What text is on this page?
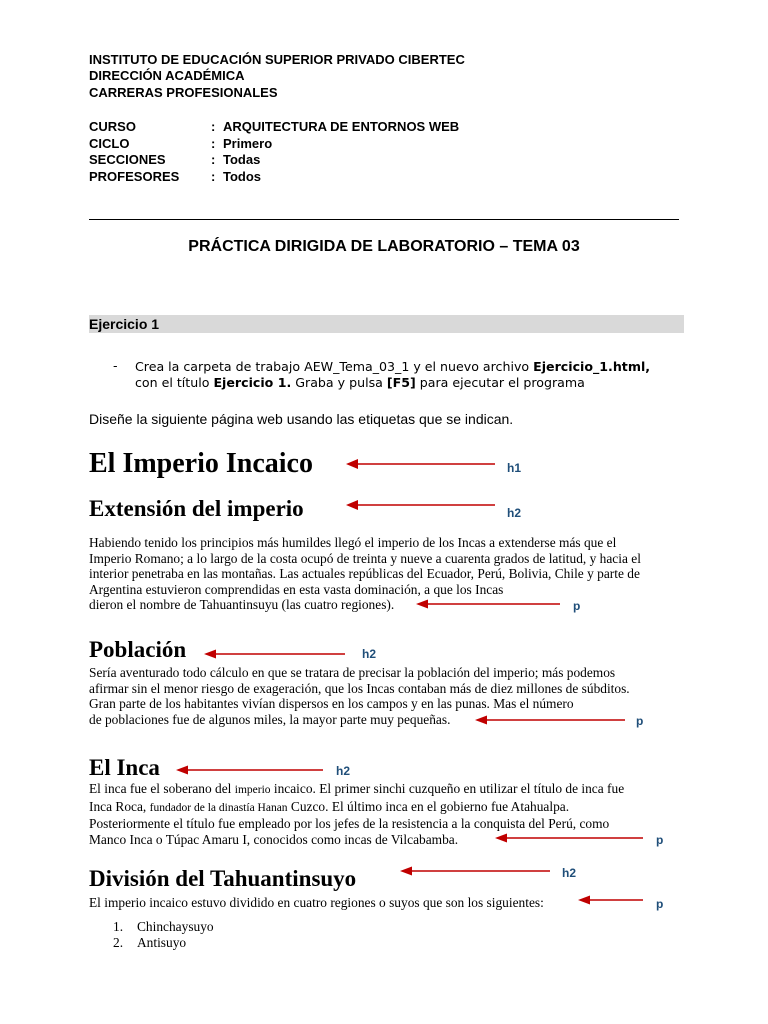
INSTITUTO DE EDUCACIÓN SUPERIOR PRIVADO CIBERTEC
DIRECCIÓN ACADÉMICA
CARRERAS PROFESIONALES
CURSO	: ARQUITECTURA DE ENTORNOS WEB
CICLO	: Primero
SECCIONES	: Todas
PROFESORES : Todos
PRÁCTICA DIRIGIDA DE LABORATORIO – TEMA 03
Ejercicio 1
- Crea la carpeta de trabajo AEW_Tema_03_1 y el nuevo archivo Ejercicio_1.html,
con el título Ejercicio 1. Graba y pulsa [F5] para ejecutar el programa
Diseñe la siguiente página web usando las etiquetas que se indican.
El Imperio Incaico	h1
Extensión del imperio	h2
Habiendo tenido los principios más humildes llegó el imperio de los Incas a extenderse más que el
Imperio Romano; a lo largo de la costa ocupó de treinta y nueve a cuarenta grados de latitud, y hacia el
interior penetraba en las montañas. Las actuales repúblicas del Ecuador, Perú, Bolivia, Chile y parte de
Argentina estuvieron comprendidas en esta vasta dominación, a que los Incas
dieron el nombre de Tahuantinsuyu (las cuatro regiones).	p
Población	h2
Sería aventurado todo cálculo en que se tratara de precisar la población del imperio; más podemos
afirmar sin el menor riesgo de exageración, que los Incas contaban más de diez millones de súbditos.
Gran parte de los habitantes vivían dispersos en los campos y en las punas. Mas el número
de poblaciones fue de algunos miles, la mayor parte muy pequeñas.	p
El Inca	h2
El inca fue el soberano del imperio incaico. El primer sinchi cuzqueño en utilizar el título de inca fue
Inca Roca, fundador de la dinastía Hanan Cuzco. El último inca en el gobierno fue Atahualpa.
Posteriormente el título fue empleado por los jefes de la resistencia a la conquista del Perú, como
Manco Inca o Túpac Amaru I, conocidos como incas de Vilcabamba.	p
División del Tahuantinsuyo	h2
El imperio incaico estuvo dividido en cuatro regiones o suyos que son los siguientes:	p
1. Chinchaysuyo
2. Antisuyo
